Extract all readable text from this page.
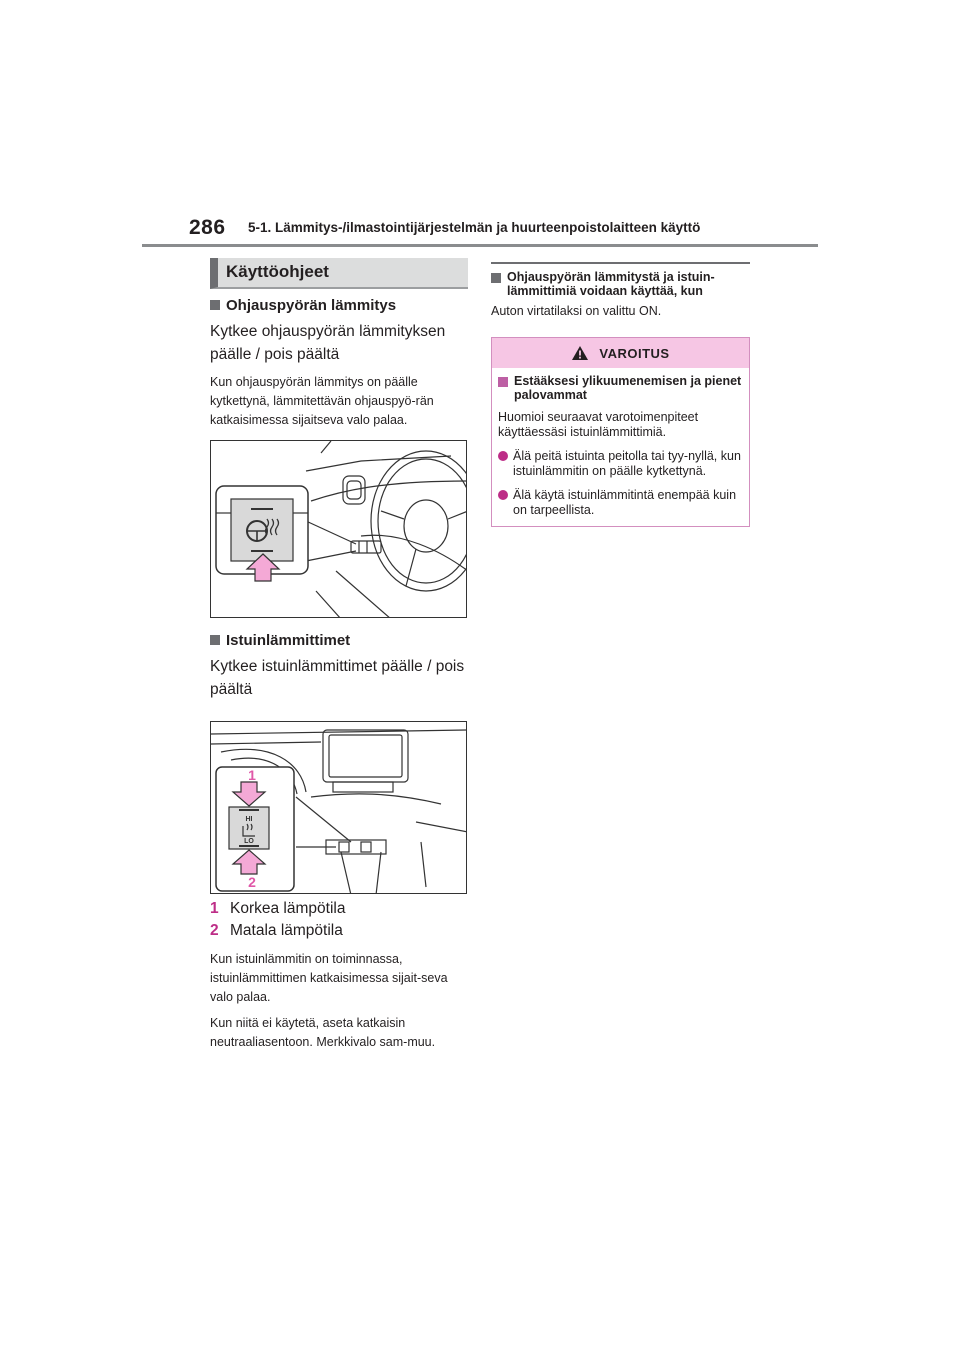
286 5-1. Lämmitys-/ilmastointijärjestelmän ja huurteenpoistolaitteen käyttö
Käyttöohjeet
Ohjauspyörän lämmitys
Kytkee ohjauspyörän lämmityksen päälle / pois päältä
Kun ohjauspyörän lämmitys on päälle kytkettynä, lämmitettävän ohjauspyö-rän katkaisimessa sijaitseva valo palaa.
Istuinlämmittimet
Kytkee istuinlämmittimet päälle / pois päältä
HI
LO
1
2
1 Korkea lämpötila
2 Matala lämpötila
Kun istuinlämmitin on toiminnassa, istuinlämmittimen katkaisimessa sijait-seva valo palaa.
Kun niitä ei käytetä, aseta katkaisin neutraaliasentoon. Merkkivalo sam-muu.
Ohjauspyörän lämmitystä ja istuin-lämmittimiä voidaan käyttää, kun
Auton virtatilaksi on valittu ON.
VAROITUS
Estääksesi ylikuumenemisen ja pienet palovammat
Huomioi seuraavat varotoimenpiteet käyttäessäsi istuinlämmittimiä.
Älä peitä istuinta peitolla tai tyy-nyllä, kun istuinlämmitin on päälle kytkettynä.
Älä käytä istuinlämmitintä enempää kuin on tarpeellista.
